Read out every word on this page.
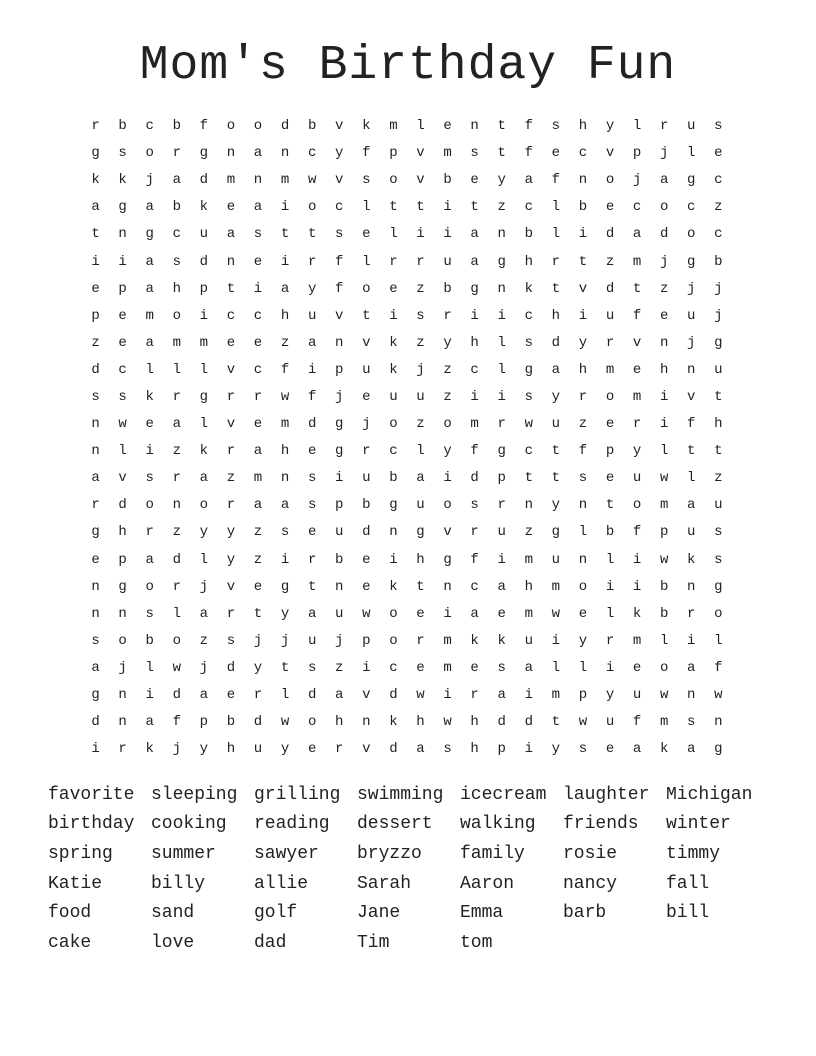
Mom's Birthday Fun
r	b	c	b	f	o	o	d	b	v	k	m	l	e	n	t	f	s	h	y	l	r	u	s
g	s	o	r	g	n	a	n	c	y	f	p	v	m	s	t	f	e	c	v	p	j	l	e
k	k	j	a	d	m	n	m	w	v	s	o	v	b	e	y	a	f	n	o	j	a	g	c
a	g	a	b	k	e	a	i	o	c	l	t	t	i	t	z	c	l	b	e	c	o	c	z
t	n	g	c	u	a	s	t	t	s	e	l	i	i	a	n	b	l	i	d	a	d	o	c
i	i	a	s	d	n	e	i	r	f	l	r	r	u	a	g	h	r	t	z	m	j	g	b
e	p	a	h	p	t	i	a	y	f	o	e	z	b	g	n	k	t	v	d	t	z	j	j
p	e	m	o	i	c	c	h	u	v	t	i	s	r	i	i	c	h	i	u	f	e	u	j
z	e	a	m	m	e	e	z	a	n	v	k	z	y	h	l	s	d	y	r	v	n	j	g
d	c	l	l	l	v	c	f	i	p	u	k	j	z	c	l	g	a	h	m	e	h	n	u
s	s	k	r	g	r	r	w	f	j	e	u	u	z	i	i	s	y	r	o	m	i	v	t
n	w	e	a	l	v	e	m	d	g	j	o	z	o	m	r	w	u	z	e	r	i	f	h
n	l	i	z	k	r	a	h	e	g	r	c	l	y	f	g	c	t	f	p	y	l	t	t
a	v	s	r	a	z	m	n	s	i	u	b	a	i	d	p	t	t	s	e	u	w	l	z
r	d	o	n	o	r	a	a	s	p	b	g	u	o	s	r	n	y	n	t	o	m	a	u
g	h	r	z	y	y	z	s	e	u	d	n	g	v	r	u	z	g	l	b	f	p	u	s
e	p	a	d	l	y	z	i	r	b	e	i	h	g	f	i	m	u	n	l	i	w	k	s
n	g	o	r	j	v	e	g	t	n	e	k	t	n	c	a	h	m	o	i	i	b	n	g
n	n	s	l	a	r	t	y	a	u	w	o	e	i	a	e	m	w	e	l	k	b	r	o
s	o	b	o	z	s	j	j	u	j	p	o	r	m	k	k	u	i	y	r	m	l	i	l
a	j	l	w	j	d	y	t	s	z	i	c	e	m	e	s	a	l	l	i	e	o	a	f
g	n	i	d	a	e	r	l	d	a	v	d	w	i	r	a	i	m	p	y	u	w	n	w
d	n	a	f	p	b	d	w	o	h	n	k	h	w	h	d	d	t	w	u	f	m	s	n
i	r	k	j	y	h	u	y	e	r	v	d	a	s	h	p	i	y	s	e	a	k	a	g
favorite sleeping grilling swimming icecream laughter Michigan
birthday cooking	reading	dessert	walking	friends	winter
spring	summer	sawyer	bryzzo	family	rosie	timmy
Katie	billy	allie	Sarah	Aaron	nancy	fall
food	sand	golf	Jane	Emma	barb	bill
cake	love	dad	Tim	tom
